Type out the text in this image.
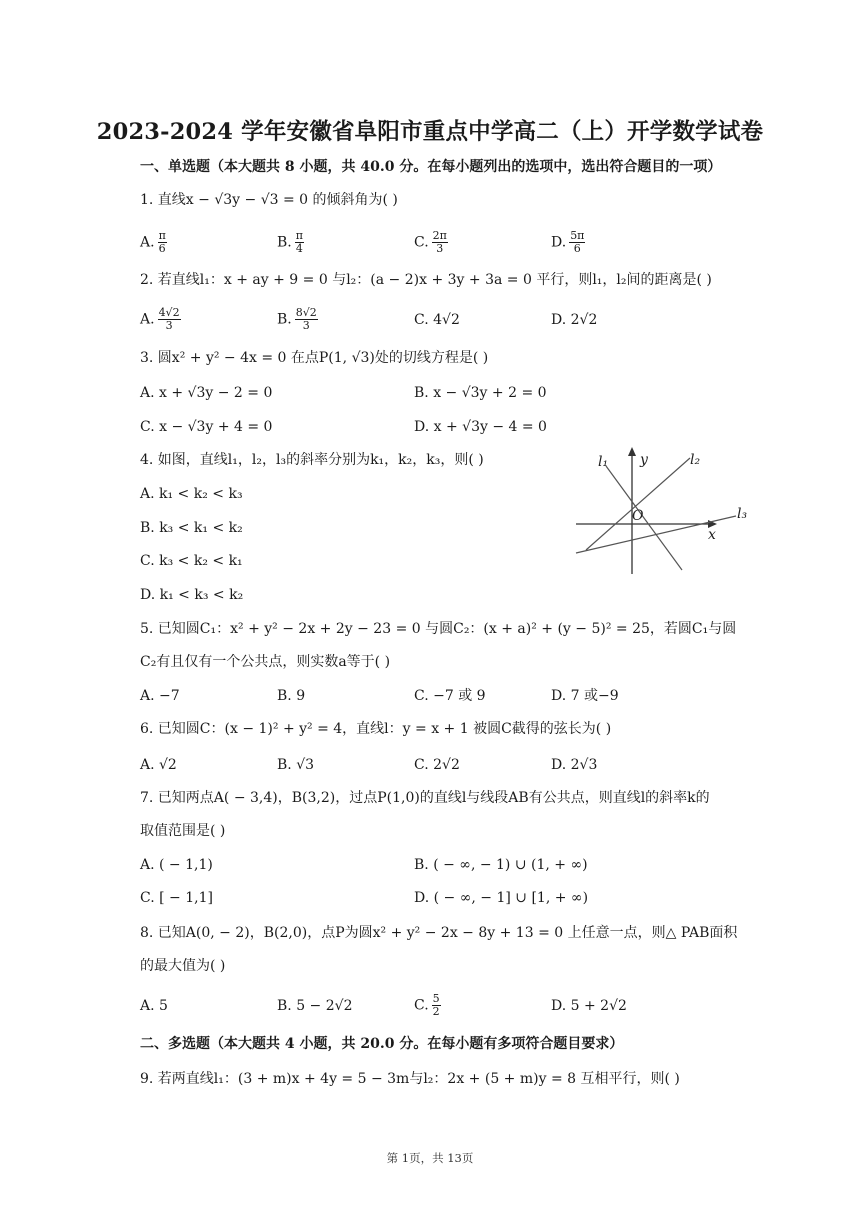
2023-2024 学年安徽省阜阳市重点中学高二（上）开学数学试卷
一、单选题（本大题共 8 小题，共 40.0 分。在每小题列出的选项中，选出符合题目的一项）
1. 直线x − √3y − √3 = 0 的倾斜角为( )
A. $\frac{\pi}{6}$	B. $\frac{\pi}{4}$	C. $\frac{2\pi}{3}$	D. $\frac{5\pi}{6}$
2. 若直线l₁：x + ay + 9 = 0 与l₂：(a − 2)x + 3y + 3a = 0 平行，则l₁，l₂间的距离是( )
A. $\frac{4√2}{3}$	B. $\frac{8√2}{3}$	C. 4√2	D. 2√2
3. 圆x² + y² − 4x = 0 在点P(1, √3)处的切线方程是( )
A. x + √3y − 2 = 0	B. x − √3y + 2 = 0
C. x − √3y + 4 = 0	D. x + √3y − 4 = 0
4. 如图，直线l₁，l₂，l₃的斜率分别为k₁，k₂，k₃，则( )
A. k₁ < k₂ < k₃
B. k₃ < k₁ < k₂
C. k₃ < k₂ < k₁
D. k₁ < k₃ < k₂
l₁ y	l₂
l₃
O
x
5. 已知圆C₁：x² + y² − 2x + 2y − 23 = 0 与圆C₂：(x + a)² + (y − 5)² = 25，若圆C₁与圆
C₂有且仅有一个公共点，则实数a等于( )
A. −7	B. 9	C. −7 或 9	D. 7 或−9
6. 已知圆C：(x − 1)² + y² = 4，直线l：y = x + 1 被圆C截得的弦长为( )
A. √2	B. √3	C. 2√2	D. 2√3
7. 已知两点A( − 3,4)，B(3,2)，过点P(1,0)的直线l与线段AB有公共点，则直线l的斜率k的
取值范围是( )
A. ( − 1,1)	B. ( − ∞, − 1) ∪ (1, + ∞)
C. [ − 1,1]	D. ( − ∞, − 1] ∪ [1, + ∞)
8. 已知A(0, − 2)，B(2,0)，点P为圆x² + y² − 2x − 8y + 13 = 0 上任意一点，则△ PAB面积
的最大值为( )
A. 5	B. 5 − 2√2	C. $\frac{5}{2}$	D. 5 + 2√2
二、多选题（本大题共 4 小题，共 20.0 分。在每小题有多项符合题目要求）
9. 若两直线l₁：(3 + m)x + 4y = 5 − 3m与l₂：2x + (5 + m)y = 8 互相平行，则( )
第 1页，共 13页
